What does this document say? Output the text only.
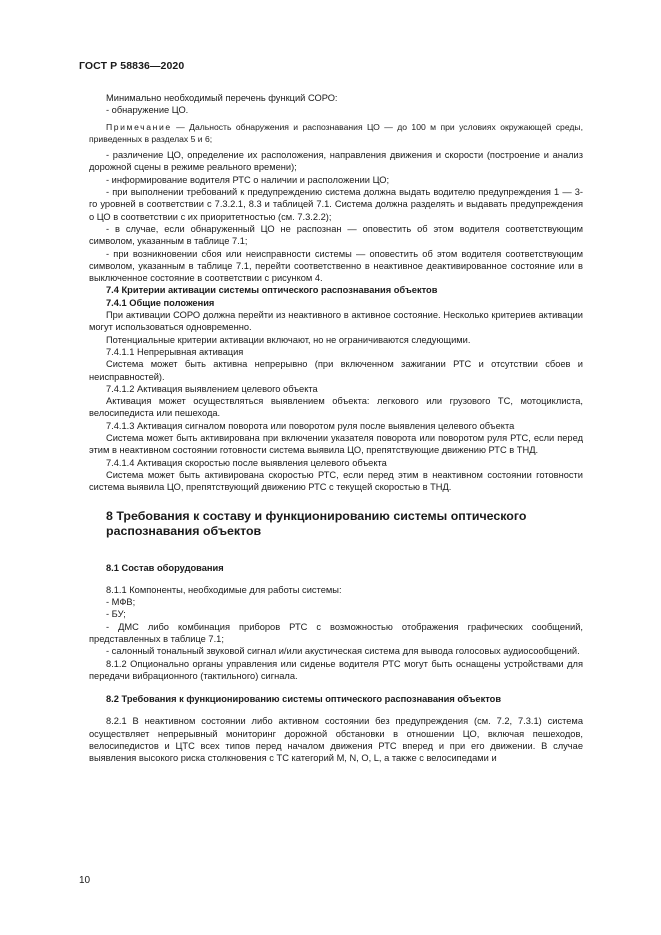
ГОСТ Р 58836—2020

Минимально необходимый перечень функций СОРО:

- обнаружение ЦО.

Примечание — Дальность обнаружения и распознавания ЦО — до 100 м при условиях окружающей среды, приведенных в разделах 5 и 6;

- различение ЦО, определение их расположения, направления движения и скорости (построение и анализ дорожной сцены в режиме реального времени);

- информирование водителя РТС о наличии и расположении ЦО;

- при выполнении требований к предупреждению система должна выдать водителю предупреждения 1 — 3-го уровней в соответствии с 7.3.2.1, 8.3 и таблицей 7.1. Система должна разделять и выдавать предупреждения о ЦО в соответствии с их приоритетностью (см. 7.3.2.2);

- в случае, если обнаруженный ЦО не распознан — оповестить об этом водителя соответствующим символом, указанным в таблице 7.1;

- при возникновении сбоя или неисправности системы — оповестить об этом водителя соответствующим символом, указанным в таблице 7.1, перейти соответственно в неактивное деактивированное состояние или в выключенное состояние в соответствии с рисунком 4.

7.4 Критерии активации системы оптического распознавания объектов

7.4.1 Общие положения

При активации СОРО должна перейти из неактивного в активное состояние. Несколько критериев активации могут использоваться одновременно.

Потенциальные критерии активации включают, но не ограничиваются следующими.

7.4.1.1 Непрерывная активация

Система может быть активна непрерывно (при включенном зажигании РТС и отсутствии сбоев и неисправностей).

7.4.1.2 Активация выявлением целевого объекта

Активация может осуществляться выявлением объекта: легкового или грузового ТС, мотоциклиста, велосипедиста или пешехода.

7.4.1.3 Активация сигналом поворота или поворотом руля после выявления целевого объекта

Система может быть активирована при включении указателя поворота или поворотом руля РТС, если перед этим в неактивном состоянии готовности система выявила ЦО, препятствующие движению РТС в ТНД.

7.4.1.4 Активация скоростью после выявления целевого объекта

Система может быть активирована скоростью РТС, если перед этим в неактивном состоянии готовности система выявила ЦО, препятствующий движению РТС с текущей скоростью в ТНД.

8 Требования к составу и функционированию системы оптического распознавания объектов

8.1 Состав оборудования

8.1.1 Компоненты, необходимые для работы системы:

- МФВ;

- БУ;

- ДМС либо комбинация приборов РТС с возможностью отображения графических сообщений, представленных в таблице 7.1;

- салонный тональный звуковой сигнал и/или акустическая система для вывода голосовых аудиосообщений.

8.1.2 Опционально органы управления или сиденье водителя РТС могут быть оснащены устройствами для передачи вибрационного (тактильного) сигнала.

8.2 Требования к функционированию системы оптического распознавания объектов

8.2.1 В неактивном состоянии либо активном состоянии без предупреждения (см. 7.2, 7.3.1) система осуществляет непрерывный мониторинг дорожной обстановки в отношении ЦО, включая пешеходов, велосипедистов и ЦТС всех типов перед началом движения РТС вперед и при его движении. В случае выявления высокого риска столкновения с ТС категорий M, N, O, L, а также с велосипедами и

10
